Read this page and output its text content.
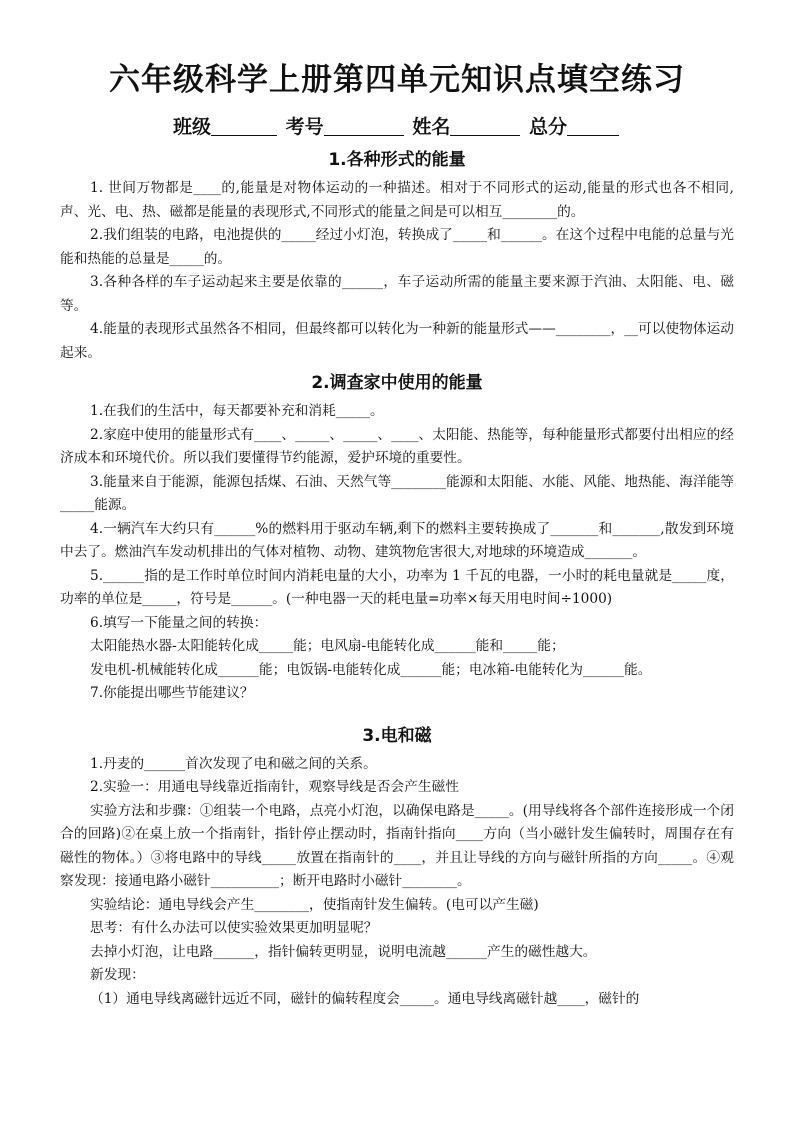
六年级科学上册第四单元知识点填空练习
班级	考号	姓名	总分
1.各种形式的能量

1. 世间万物都是____的,能量是对物体运动的一种描述。相对于不同形式的运动,能量的形式也各不相同,声、光、电、热、磁都是能量的表现形式,不同形式的能量之间是可以相互________的。

2.我们组装的电路，电池提供的_____经过小灯泡，转换成了_____和______。在这个过程中电能的总量与光能和热能的总量是_____的。

3.各种各样的车子运动起来主要是依靠的______，车子运动所需的能量主要来源于汽油、太阳能、电、磁等。

4.能量的表现形式虽然各不相同，但最终都可以转化为一种新的能量形式——________，__可以使物体运动起来。

2.调查家中使用的能量

1.在我们的生活中，每天都要补充和消耗_____。

2.家庭中使用的能量形式有____、_____、_____、____、太阳能、热能等，每种能量形式都要付出相应的经济成本和环境代价。所以我们要懂得节约能源，爱护环境的重要性。

3.能量来自于能源，能源包括煤、石油、天然气等________能源和太阳能、水能、风能、地热能、海洋能等_____能源。

4.一辆汽车大约只有______%的燃料用于驱动车辆,剩下的燃料主要转换成了_______和_______,散发到环境中去了。燃油汽车发动机排出的气体对植物、动物、建筑物危害很大,对地球的环境造成_______。

5.______指的是工作时单位时间内消耗电量的大小，功率为 1 千瓦的电器，一小时的耗电量就是_____度，功率的单位是_____，符号是______。(一种电器一天的耗电量=功率×每天用电时间÷1000)

6.填写一下能量之间的转换：

太阳能热水器-太阳能转化成_____能；电风扇-电能转化成______能和_____能；

发电机-机械能转化成______能；电饭锅-电能转化成______能；电冰箱-电能转化为______能。

7.你能提出哪些节能建议？

3.电和磁

1.丹麦的______首次发现了电和磁之间的关系。

2.实验一：用通电导线靠近指南针，观察导线是否会产生磁性

实验方法和步骤：①组装一个电路，点亮小灯泡，以确保电路是_____。(用导线将各个部件连接形成一个闭合的回路)②在桌上放一个指南针，指针停止摆动时，指南针指向____方向（当小磁针发生偏转时，周围存在有磁性的物体。）③将电路中的导线_____放置在指南针的____，并且让导线的方向与磁针所指的方向_____。④观察发现：接通电路小磁针__________；断开电路时小磁针________。

实验结论：通电导线会产生________，使指南针发生偏转。(电可以产生磁)

思考：有什么办法可以使实验效果更加明显呢？

去掉小灯泡，让电路______，指针偏转更明显，说明电流越______产生的磁性越大。

新发现：

（1）通电导线离磁针远近不同，磁针的偏转程度会_____。通电导线离磁针越____，磁针的
